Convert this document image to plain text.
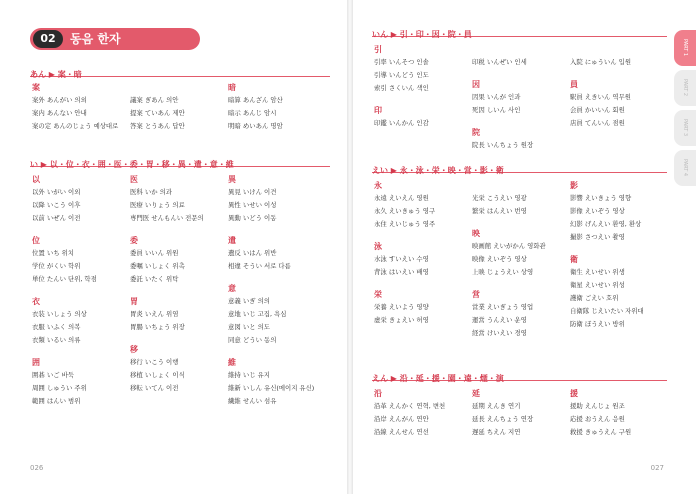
02	동음 한자
あん ▶ 案・暗
案
案外 あんがい 의외
案内 あんない 안내
案の定 あんのじょう 예상대로
議案 ぎあん 의안
提案 ていあん 제안
答案 とうあん 답안
暗
暗算 あんざん 암산
暗示 あんじ 암시
明暗 めいあん 명암
い ▶ 以・位・衣・囲・医・委・胃・移・異・遺・意・維
以
以外 いがい 이외
以降 いこう 이후
以前 いぜん 이전
位
位置 いち 위치
学位 がくい 학위
単位 たんい 단위, 학점
衣
衣装 いしょう 의상
衣服 いふく 의복
衣類 いるい 의류
囲
囲碁 いご 바둑
周囲 しゅうい 주위
範囲 はんい 범위
医
医科 いか 의과
医療 いりょう 의료
専門医 せんもんい 전문의
委
委員 いいん 위원
委嘱 いしょく 위촉
委託 いたく 위탁
胃
胃炎 いえん 위염
胃腸 いちょう 위장
移
移行 いこう 이행
移植 いしょく 이식
移転 いてん 이전
異
異見 いけん 이견
異性 いせい 이성
異動 いどう 이동
遺
遺反 いはん 위반
相違 そうい 서로 다름
意
意義 いぎ 의의
意地 いじ 고집, 욕심
意図 いと 의도
同意 どうい 동의
維
維持 いじ 유지
維新 いしん 유신(메이지 유신)
繊維 せんい 섬유
026
いん ▶ 引・印・因・院・員
引
引率 いんそつ 인솔
引導 いんどう 인도
索引 さくいん 색인
印
印鑑 いんかん 인감
印税 いんぜい 인세
因
因果 いんが 인과
死因 しいん 사인
院
院長 いんちょう 원장
入院 にゅういん 입원
員
駅員 えきいん 역무원
会員 かいいん 회원
店員 てんいん 점원
えい ▶ 永・泳・栄・映・営・影・衛
永
永遠 えいえん 영원
永久 えいきゅう 영구
永住 えいじゅう 영주
泳
水泳 すいえい 수영
背泳 はいえい 배영
栄
栄養 えいよう 영양
虚栄 きょえい 허영
光栄 こうえい 영광
繁栄 はんえい 번영
映
映画館 えいがかん 영화관
映像 えいぞう 영상
上映 じょうえい 상영
営
営業 えいぎょう 영업
運営 うんえい 운영
経営 けいえい 경영
影
影響 えいきょう 영향
影像 えいぞう 영상
幻影 げんえい 환영, 환상
撮影 さつえい 촬영
衛
衛生 えいせい 위생
衛星 えいせい 위성
護衛 ごえい 호위
自衛隊 じえいたい 자위대
防衛 ぼうえい 방위
えん ▶ 沿・延・援・園・遠・煙・演
沿
沿革 えんかく 연혁, 변천
沿岸 えんがん 연안
沿線 えんせん 연선
延
延期 えんき 연기
延長 えんちょう 연장
遅延 ちえん 지연
援
援助 えんじょ 원조
応援 おうえん 응원
救援 きゅうえん 구원
027
PART 1
PART 2
PART 3
PART 4
